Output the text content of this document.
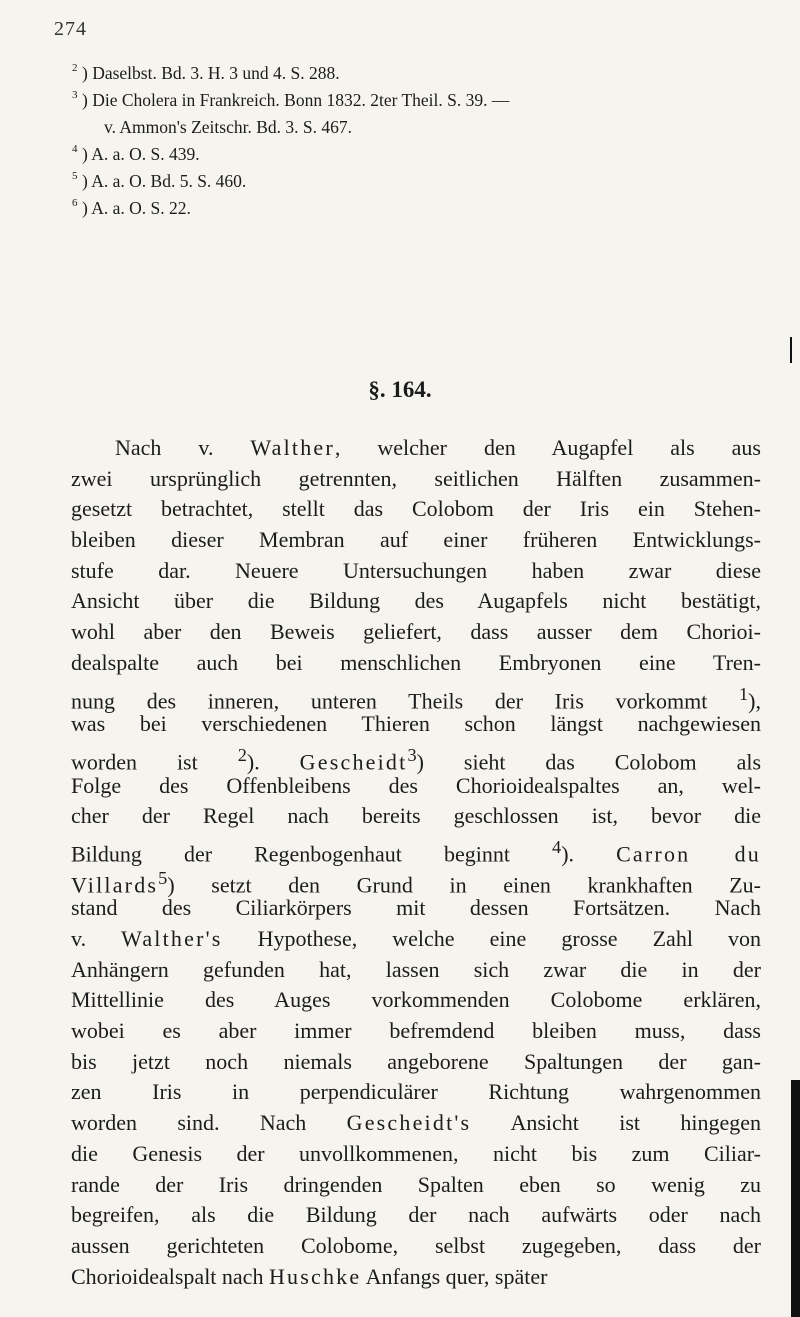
274
2 ) Daselbst. Bd. 3. H. 3 und 4. S. 288.
3 ) Die Cholera in Frankreich. Bonn 1832. 2ter Theil. S. 39. —
v. Ammon's Zeitschr. Bd. 3. S. 467.
4 ) A. a. O. S. 439.
5 ) A. a. O. Bd. 5. S. 460.
6 ) A. a. O. S. 22.
§. 164.
Nach v. Walther, welcher den Augapfel als aus
zwei ursprünglich getrennten, seitlichen Hälften zusammen-
gesetzt betrachtet, stellt das Colobom der Iris ein Stehen-
bleiben dieser Membran auf einer früheren Entwicklungs-
stufe dar. Neuere Untersuchungen haben zwar diese
Ansicht über die Bildung des Augapfels nicht bestätigt,
wohl aber den Beweis geliefert, dass ausser dem Chorioi-
dealspalte auch bei menschlichen Embryonen eine Tren-
nung des inneren, unteren Theils der Iris vorkommt $^1$),
was bei verschiedenen Thieren schon längst nachgewiesen
worden ist $^2$). Gescheidt$^3$) sieht das Colobom als
Folge des Offenbleibens des Chorioidealspaltes an, wel-
cher der Regel nach bereits geschlossen ist, bevor die
Bildung der Regenbogenhaut beginnt $^4$). Carron du
Villards$^5$) setzt den Grund in einen krankhaften Zu-
stand des Ciliarkörpers mit dessen Fortsätzen. Nach
v. Walther's Hypothese, welche eine grosse Zahl von
Anhängern gefunden hat, lassen sich zwar die in der
Mittellinie des Auges vorkommenden Colobome erklären,
wobei es aber immer befremdend bleiben muss, dass
bis jetzt noch niemals angeborene Spaltungen der gan-
zen Iris in perpendiculärer Richtung wahrgenommen
worden sind. Nach Gescheidt's Ansicht ist hingegen
die Genesis der unvollkommenen, nicht bis zum Ciliar-
rande der Iris dringenden Spalten eben so wenig zu
begreifen, als die Bildung der nach aufwärts oder nach
aussen gerichteten Colobome, selbst zugegeben, dass der
Chorioidealspalt nach Huschke Anfangs quer, später
